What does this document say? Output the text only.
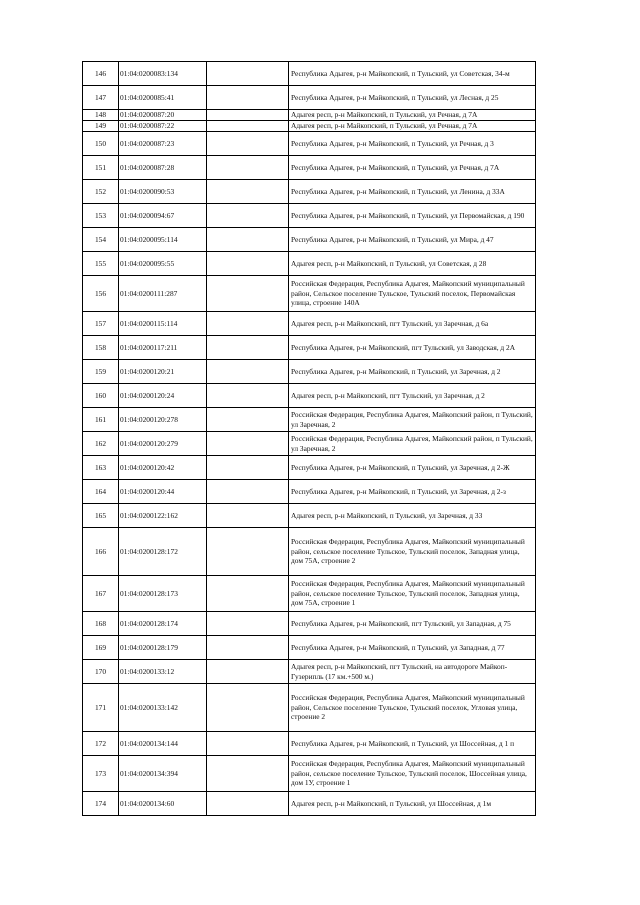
146	01:04:0200083:134		Республика Адыгея, р-н Майкопский, п Тульский, ул Советская, 34-м
147	01:04:0200085:41		Республика Адыгея, р-н Майкопский, п Тульский, ул Лесная, д 25
148	01:04:0200087:20		Адыгея респ, р-н Майкопский, п Тульский, ул Речная, д 7А
149	01:04:0200087:22		Адыгея респ, р-н Майкопский, п Тульский, ул Речная, д 7А
150	01:04:0200087:23		Республика Адыгея, р-н Майкопский, п Тульский, ул Речная, д 3
151	01:04:0200087:28		Республика Адыгея, р-н Майкопский, п Тульский, ул Речная, д 7А
152	01:04:0200090:53		Республика Адыгея, р-н Майкопский, п Тульский, ул Ленина, д 33А
153	01:04:0200094:67		Республика Адыгея, р-н Майкопский, п Тульский, ул Первомайская, д 190
154	01:04:0200095:114		Республика Адыгея, р-н Майкопский, п Тульский, ул Мира, д 47
155	01:04:0200095:55		Адыгея респ, р-н Майкопский, п Тульский, ул Советская, д 28
156	01:04:0200111:287		Российская Федерация, Республика Адыгея, Майкопский муниципальный район, Сельское поселение Тульское, Тульский поселок, Первомайская улица, строение 140А
157	01:04:0200115:114		Адыгея респ, р-н Майкопский, пгт Тульский, ул Заречная, д 6а
158	01:04:0200117:211		Республика Адыгея, р-н Майкопский, пгт Тульский, ул Заводская, д 2А
159	01:04:0200120:21		Республика Адыгея, р-н Майкопский, п Тульский, ул Заречная, д 2
160	01:04:0200120:24		Адыгея респ, р-н Майкопский, пгт Тульский, ул Заречная, д 2
161	01:04:0200120:278		Российская Федерация, Республика Адыгея, Майкопский район, п Тульский, ул Заречная, 2
162	01:04:0200120:279		Российская Федерация, Республика Адыгея, Майкопский район, п Тульский, ул Заречная, 2
163	01:04:0200120:42		Республика Адыгея, р-н Майкопский, п Тульский, ул Заречная, д 2-Ж
164	01:04:0200120:44		Республика Адыгея, р-н Майкопский, п Тульский, ул Заречная, д 2-з
165	01:04:0200122:162		Адыгея респ, р-н Майкопский, п Тульский, ул Заречная, д 33
166	01:04:0200128:172		Российская Федерация, Республика Адыгея, Майкопский муниципальный район, сельское поселение Тульское, Тульский поселок, Западная улица, дом 75А, строение 2
167	01:04:0200128:173		Российская Федерация, Республика Адыгея, Майкопский муниципальный район, сельское поселение Тульское, Тульский поселок, Западная улица, дом 75А, строение 1
168	01:04:0200128:174		Республика Адыгея, р-н Майкопский, пгт Тульский, ул Западная, д 75
169	01:04:0200128:179		Республика Адыгея, р-н Майкопский, п Тульский, ул Западная, д 77
170	01:04:0200133:12		Адыгея респ, р-н Майкопский, пгт Тульский, на автодороге Майкоп-Гузерипль (17 км.+500 м.)
171	01:04:0200133:142		Российская Федерация, Республика Адыгея, Майкопский муниципальный район, Сельское поселение Тульское, Тульский поселок, Угловая улица, строение 2
172	01:04:0200134:144		Республика Адыгея, р-н Майкопский, п Тульский, ул Шоссейная, д 1 п
173	01:04:0200134:394		Российская Федерация, Республика Адыгея, Майкопский муниципальный район, сельское поселение Тульское, Тульский поселок, Шоссейная улица, дом 1У, строение 1
174	01:04:0200134:60		Адыгея респ, р-н Майкопский, п Тульский, ул Шоссейная, д 1м
